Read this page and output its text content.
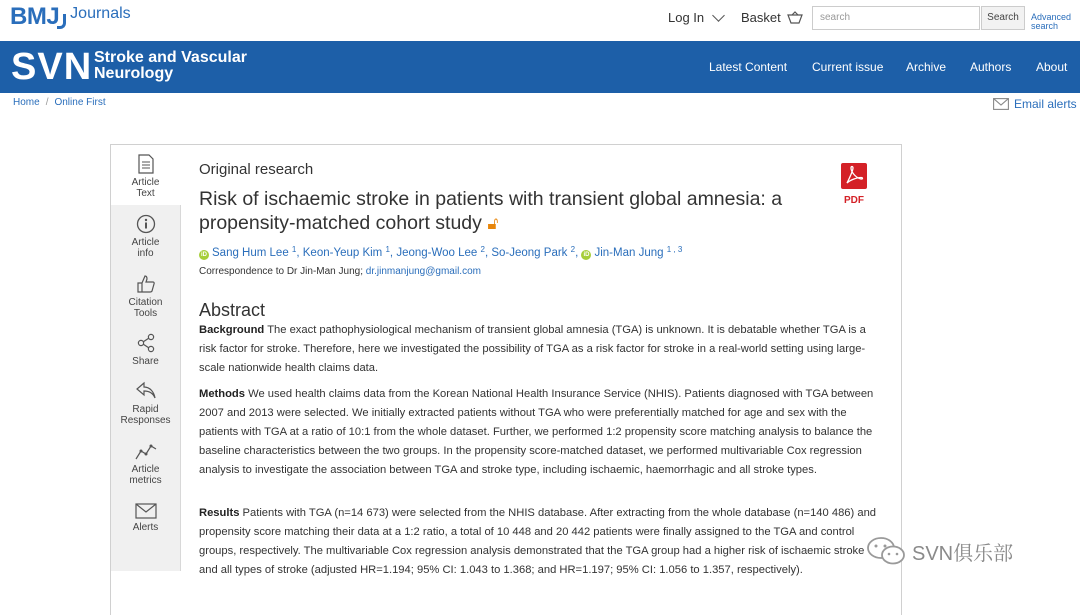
BMJ Journals	Log In	Basket	search	Search	Advanced
search
SVN Stroke and Vascular
Neurology	Latest Content Current issue Archive Authors About
Home / Online First	Email alerts
Article
Text
Article
info
Citation
Tools
Share
Rapid
Responses
Article
metrics
Alerts
Original research
Risk of ischaemic stroke in patients with transient global amnesia: a propensity-matched cohort study 🔓︎
PDF
iD Sang Hum Lee $^1$, Keon-Yeup Kim $^1$, Jeong-Woo Lee $^2$, So-Jeong Park $^2$, iD Jin-Man Jung $^{1 , 3}$
Correspondence to Dr Jin-Man Jung; dr.jinmanjung@gmail.com
Abstract
Background The exact pathophysiological mechanism of transient global amnesia (TGA) is unknown. It is debatable whether TGA is a risk factor for stroke. Therefore, here we investigated the possibility of TGA as a risk factor for stroke in a real-world setting using large-scale nationwide health claims data.
Methods We used health claims data from the Korean National Health Insurance Service (NHIS). Patients diagnosed with TGA between 2007 and 2013 were selected. We initially extracted patients without TGA who were preferentially matched for age and sex with the patients with TGA at a ratio of 10:1 from the whole dataset. Further, we performed 1:2 propensity score matching analysis to balance the baseline characteristics between the two groups. In the propensity score-matched dataset, we performed multivariable Cox regression analysis to investigate the association between TGA and stroke type, including ischaemic, haemorrhagic and all stroke types.
Results Patients with TGA (n=14 673) were selected from the NHIS database. After extracting from the whole database (n=140 486) and propensity score matching their data at a 1:2 ratio, a total of 10 448 and 20 442 patients were finally assigned to the TGA and control groups, respectively. The multivariable Cox regression analysis demonstrated that the TGA group had a higher risk of ischaemic stroke and all types of stroke (adjusted HR=1.194; 95% CI: 1.043 to 1.368; and HR=1.197; 95% CI: 1.056 to 1.357, respectively).
SVN俱乐部
